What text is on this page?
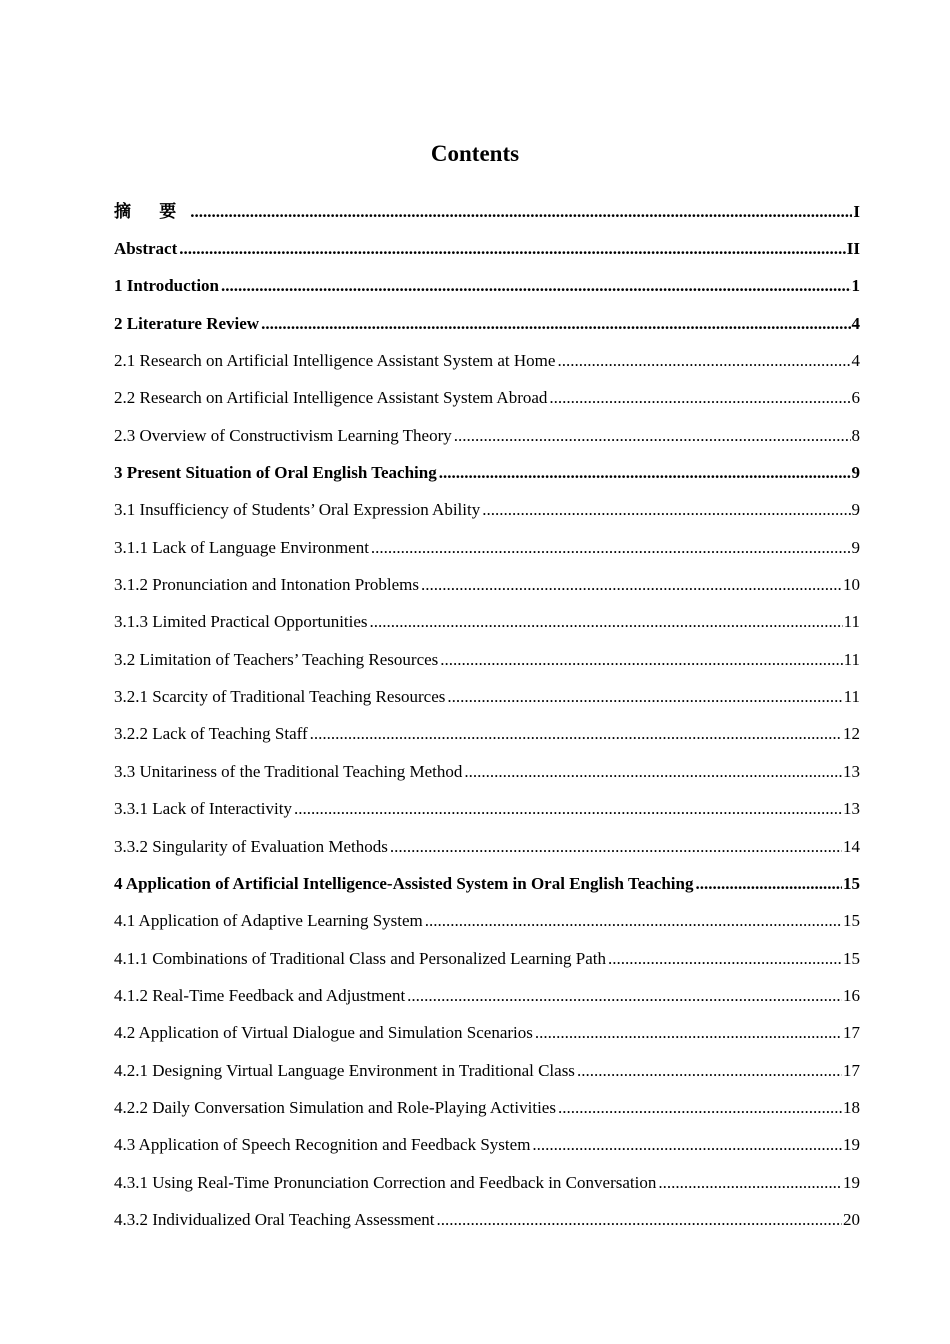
Contents
摘 要 .....	I
Abstract .....	II
1 Introduction .....	1
2 Literature Review .....	4
2.1 Research on Artificial Intelligence Assistant System at Home .....	4
2.2 Research on Artificial Intelligence Assistant System Abroad .....	6
2.3 Overview of Constructivism Learning Theory .....	8
3 Present Situation of Oral English Teaching .....	9
3.1 Insufficiency of Students’ Oral Expression Ability .....	9
3.1.1 Lack of Language Environment .....	9
3.1.2 Pronunciation and Intonation Problems .....	10
3.1.3 Limited Practical Opportunities .....	11
3.2 Limitation of Teachers’ Teaching Resources .....	11
3.2.1 Scarcity of Traditional Teaching Resources .....	11
3.2.2 Lack of Teaching Staff .....	12
3.3 Unitariness of the Traditional Teaching Method .....	13
3.3.1 Lack of Interactivity .....	13
3.3.2 Singularity of Evaluation Methods .....	14
4 Application of Artificial Intelligence-Assisted System in Oral English Teaching .....	15
4.1 Application of Adaptive Learning System .....	15
4.1.1 Combinations of Traditional Class and Personalized Learning Path .....	15
4.1.2 Real-Time Feedback and Adjustment .....	16
4.2 Application of Virtual Dialogue and Simulation Scenarios .....	17
4.2.1 Designing Virtual Language Environment in Traditional Class .....	17
4.2.2 Daily Conversation Simulation and Role-Playing Activities .....	18
4.3 Application of Speech Recognition and Feedback System .....	19
4.3.1 Using Real-Time Pronunciation Correction and Feedback in Conversation .....	19
4.3.2 Individualized Oral Teaching Assessment .....	20
